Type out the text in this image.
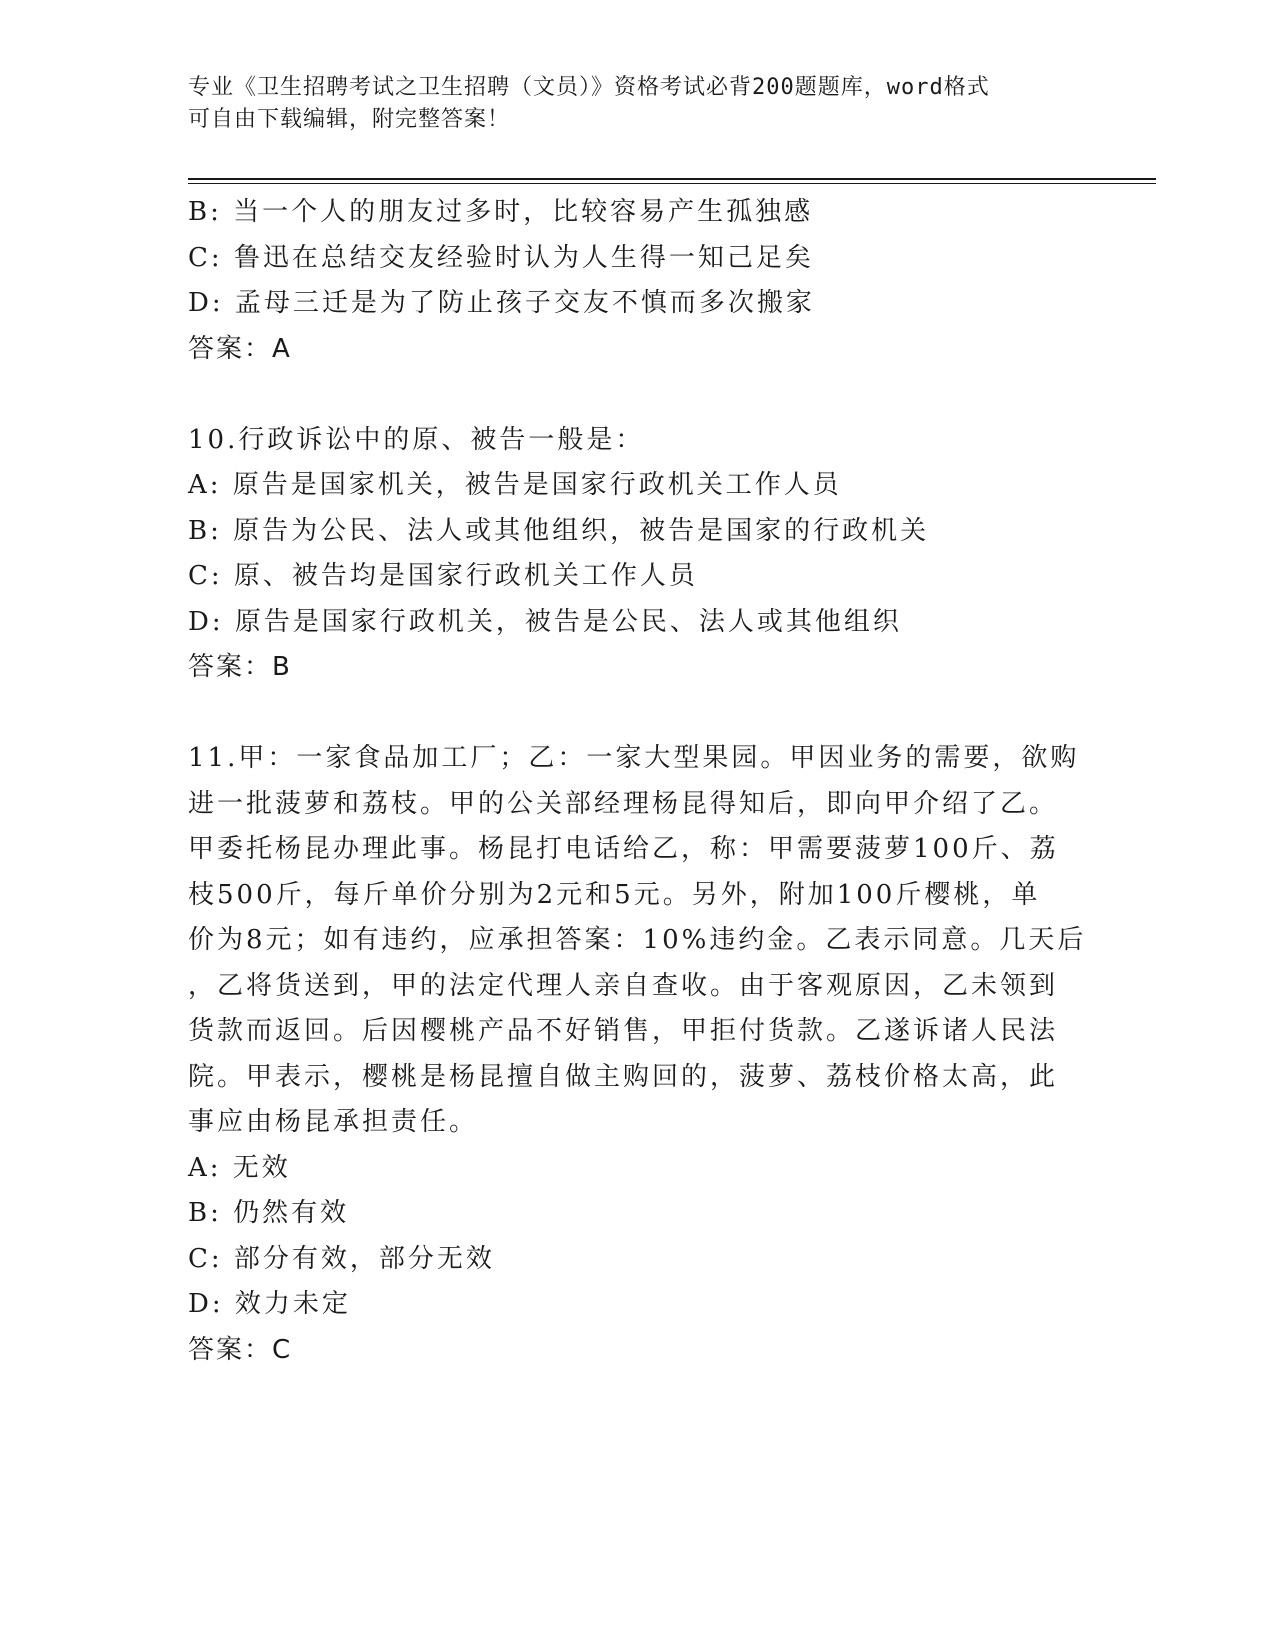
专业《卫生招聘考试之卫生招聘（文员）》资格考试必背200题题库，word格式
可自由下载编辑，附完整答案！
B: 当一个人的朋友过多时，比较容易产生孤独感
C: 鲁迅在总结交友经验时认为人生得一知己足矣
D: 孟母三迁是为了防止孩子交友不慎而多次搬家
答案：A
10.行政诉讼中的原、被告一般是：
A: 原告是国家机关，被告是国家行政机关工作人员
B: 原告为公民、法人或其他组织，被告是国家的行政机关
C: 原、被告均是国家行政机关工作人员
D: 原告是国家行政机关，被告是公民、法人或其他组织
答案：B
11.甲：一家食品加工厂；乙：一家大型果园。甲因业务的需要，欲购
进一批菠萝和荔枝。甲的公关部经理杨昆得知后，即向甲介绍了乙。
甲委托杨昆办理此事。杨昆打电话给乙，称：甲需要菠萝100斤、荔
枝500斤，每斤单价分别为2元和5元。另外，附加100斤樱桃，单
价为8元；如有违约，应承担答案：10%违约金。乙表示同意。几天后
，乙将货送到，甲的法定代理人亲自查收。由于客观原因，乙未领到
货款而返回。后因樱桃产品不好销售，甲拒付货款。乙遂诉诸人民法
院。甲表示，樱桃是杨昆擅自做主购回的，菠萝、荔枝价格太高，此
事应由杨昆承担责任。
A: 无效
B: 仍然有效
C: 部分有效，部分无效
D: 效力未定
答案：C
